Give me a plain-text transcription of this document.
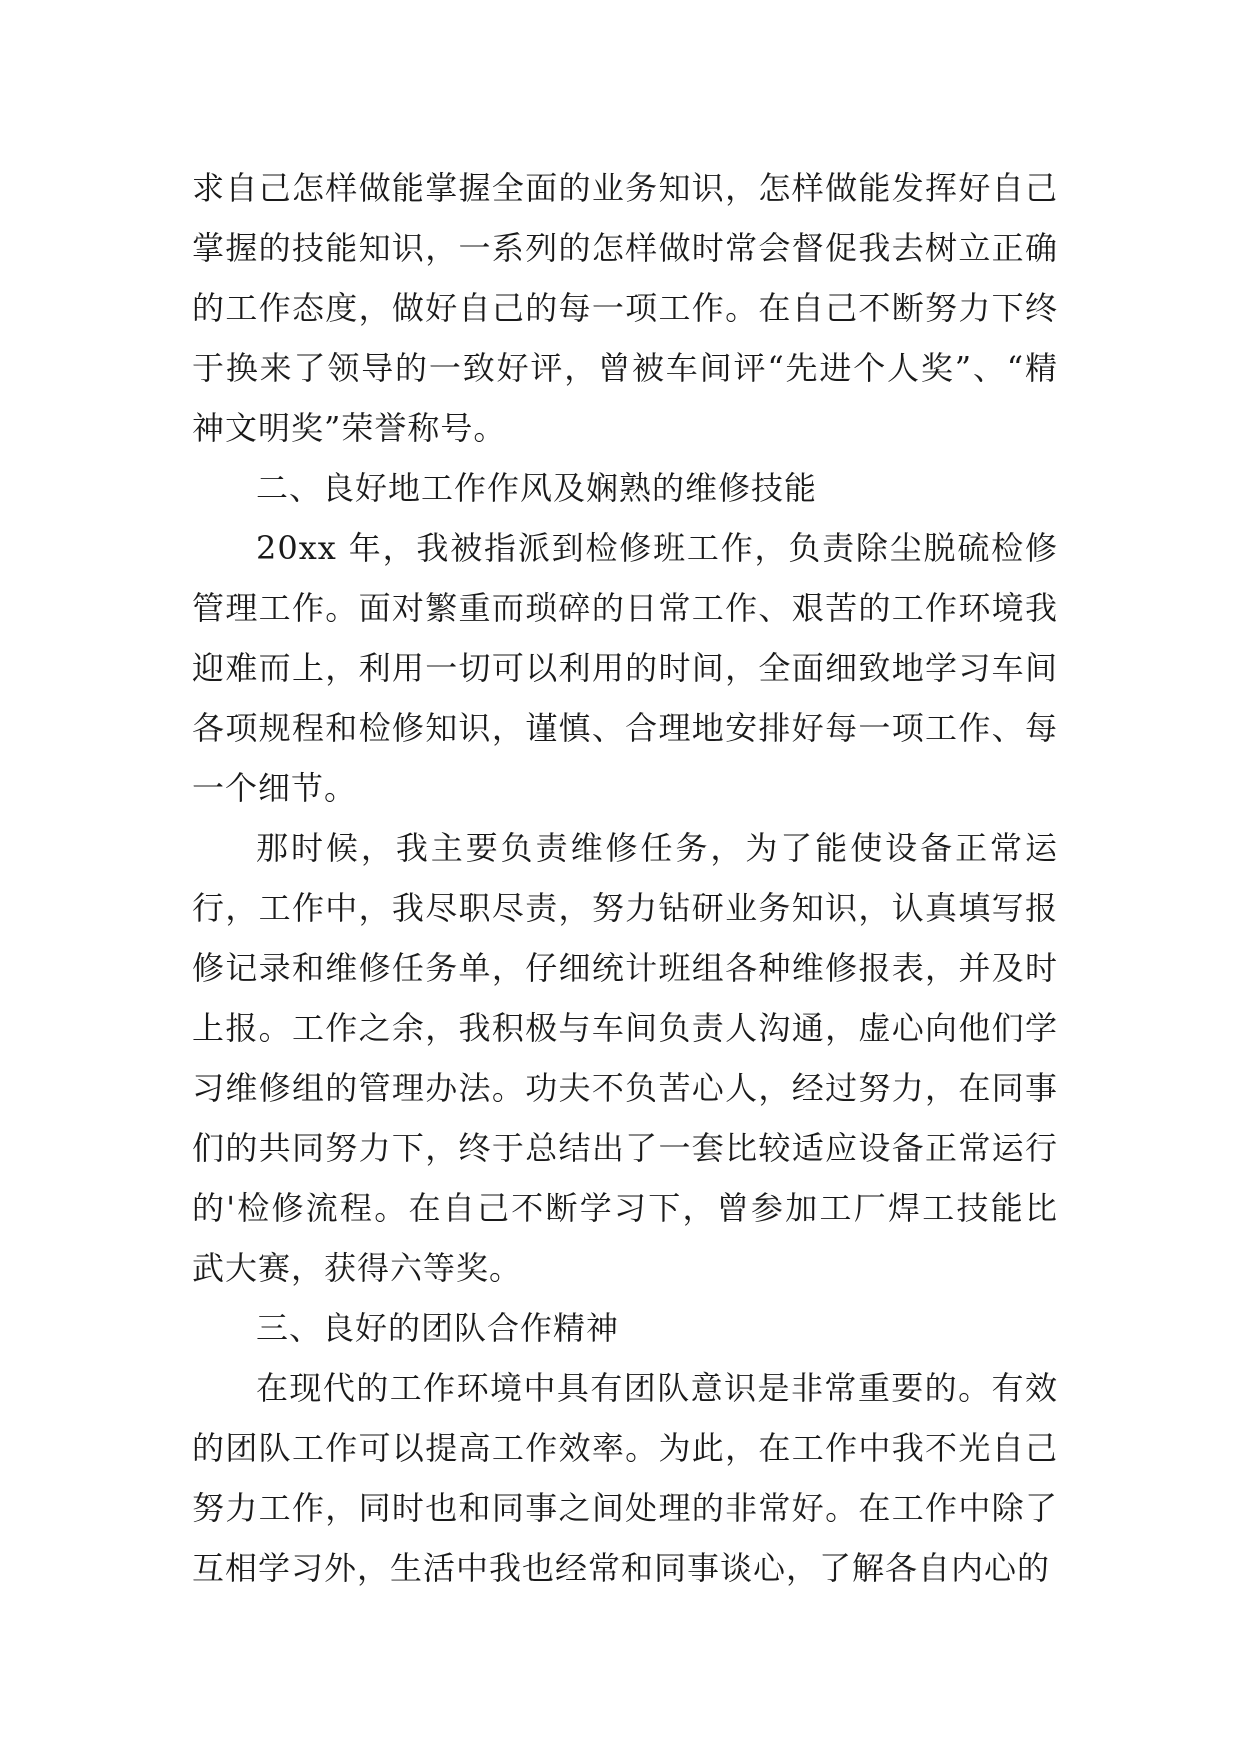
求自己怎样做能掌握全面的业务知识，怎样做能发挥好自己掌握的技能知识，一系列的怎样做时常会督促我去树立正确的工作态度，做好自己的每一项工作。在自己不断努力下终于换来了领导的一致好评，曾被车间评“先进个人奖”、“精神文明奖”荣誉称号。

二、良好地工作作风及娴熟的维修技能

20xx 年，我被指派到检修班工作，负责除尘脱硫检修管理工作。面对繁重而琐碎的日常工作、艰苦的工作环境我迎难而上，利用一切可以利用的时间，全面细致地学习车间各项规程和检修知识，谨慎、合理地安排好每一项工作、每一个细节。

那时候，我主要负责维修任务，为了能使设备正常运行，工作中，我尽职尽责，努力钻研业务知识，认真填写报修记录和维修任务单，仔细统计班组各种维修报表，并及时上报。工作之余，我积极与车间负责人沟通，虚心向他们学习维修组的管理办法。功夫不负苦心人，经过努力，在同事们的共同努力下，终于总结出了一套比较适应设备正常运行的'检修流程。在自己不断学习下，曾参加工厂焊工技能比武大赛，获得六等奖。

三、良好的团队合作精神

在现代的工作环境中具有团队意识是非常重要的。有效的团队工作可以提高工作效率。为此，在工作中我不光自己努力工作，同时也和同事之间处理的非常好。在工作中除了互相学习外，生活中我也经常和同事谈心，了解各自内心的
